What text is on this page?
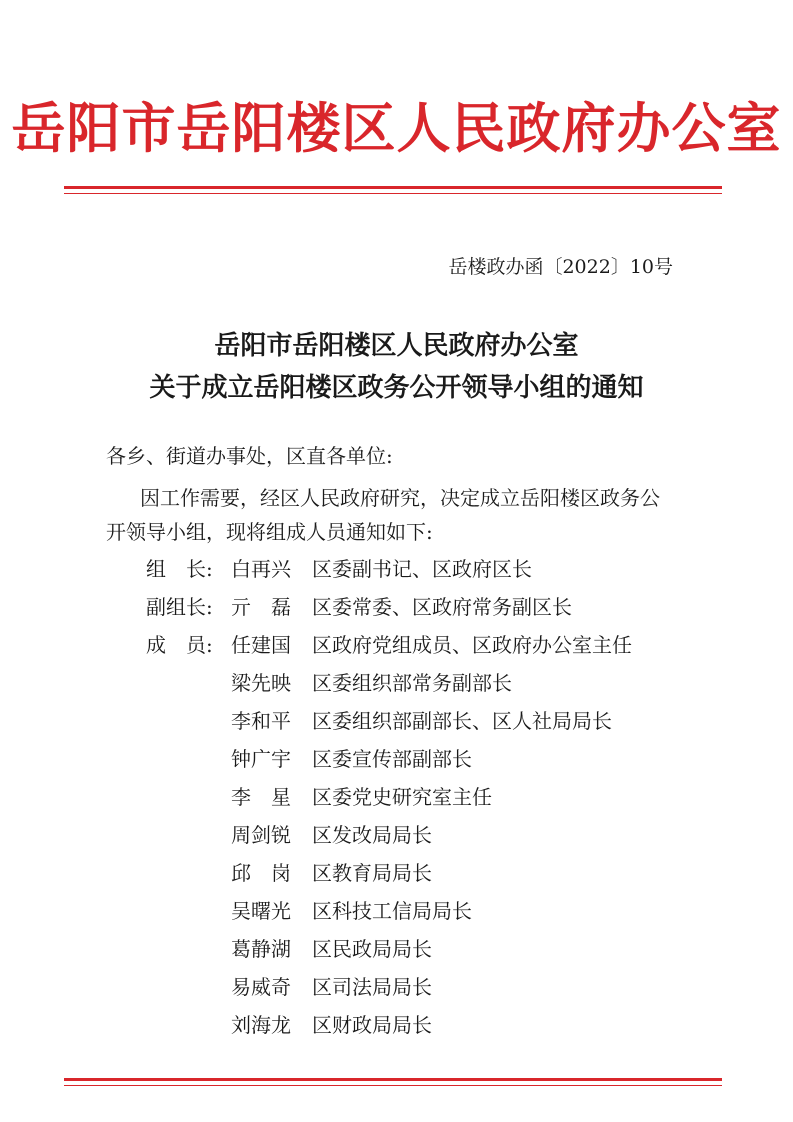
岳阳市岳阳楼区人民政府办公室
岳楼政办函〔2022〕10号
岳阳市岳阳楼区人民政府办公室
关于成立岳阳楼区政务公开领导小组的通知
各乡、街道办事处，区直各单位:
因工作需要，经区人民政府研究，决定成立岳阳楼区政务公
开领导小组，现将组成人员通知如下:
组　长: 白再兴 区委副书记、区政府区长
副组长: 亓　磊 区委常委、区政府常务副区长
成　员: 任建国 区政府党组成员、区政府办公室主任
梁先映 区委组织部常务副部长
李和平 区委组织部副部长、区人社局局长
钟广宇 区委宣传部副部长
李　星 区委党史研究室主任
周剑锐 区发改局局长
邱　岗 区教育局局长
吴曙光 区科技工信局局长
葛静湖 区民政局局长
易威奇 区司法局局长
刘海龙 区财政局局长
